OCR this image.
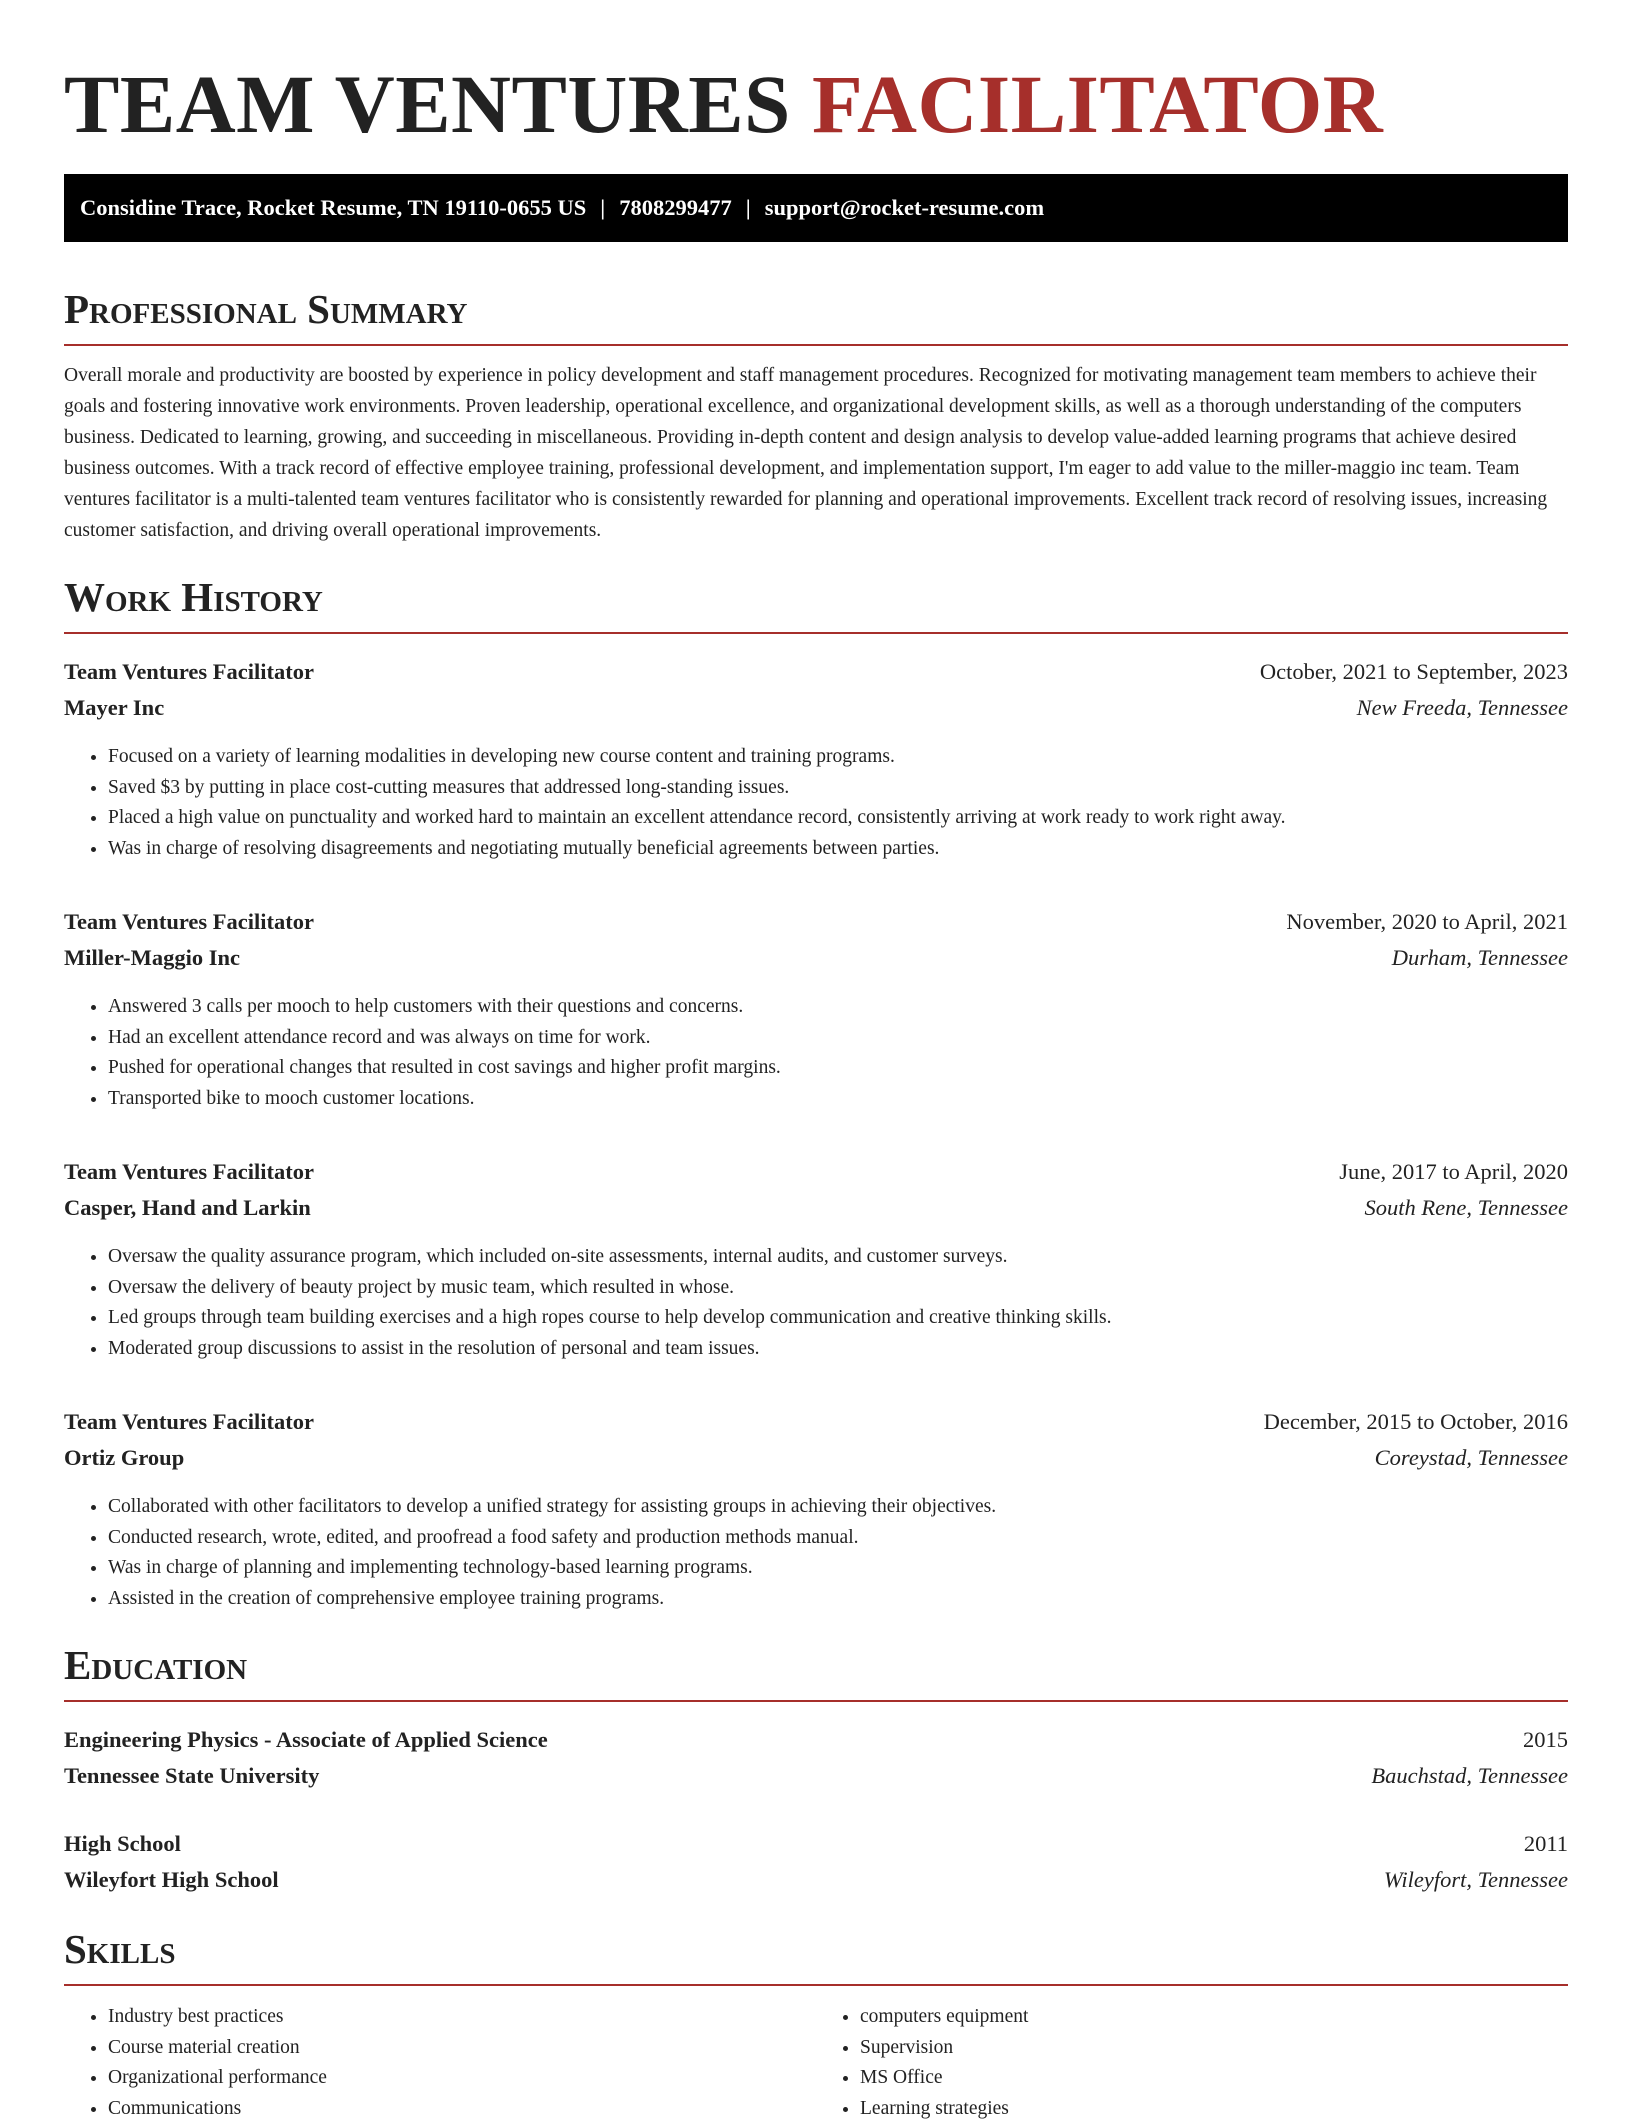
TEAM VENTURES FACILITATOR
Considine Trace, Rocket Resume, TN 19110-0655 US | 7808299477 | support@rocket-resume.com
Professional Summary

Overall morale and productivity are boosted by experience in policy development and staff management procedures. Recognized for motivating management team members to achieve their goals and fostering innovative work environments. Proven leadership, operational excellence, and organizational development skills, as well as a thorough understanding of the computers business. Dedicated to learning, growing, and succeeding in miscellaneous. Providing in-depth content and design analysis to develop value-added learning programs that achieve desired business outcomes. With a track record of effective employee training, professional development, and implementation support, I'm eager to add value to the miller-maggio inc team. Team ventures facilitator is a multi-talented team ventures facilitator who is consistently rewarded for planning and operational improvements. Excellent track record of resolving issues, increasing customer satisfaction, and driving overall operational improvements.

Work History
Team Ventures Facilitator	October, 2021 to September, 2023
Mayer Inc	New Freeda, Tennessee
• Focused on a variety of learning modalities in developing new course content and training programs.
• Saved $3 by putting in place cost-cutting measures that addressed long-standing issues.
• Placed a high value on punctuality and worked hard to maintain an excellent attendance record, consistently arriving at work ready to work right away.
• Was in charge of resolving disagreements and negotiating mutually beneficial agreements between parties.
Team Ventures Facilitator	November, 2020 to April, 2021
Miller-Maggio Inc	Durham, Tennessee
• Answered 3 calls per mooch to help customers with their questions and concerns.
• Had an excellent attendance record and was always on time for work.
• Pushed for operational changes that resulted in cost savings and higher profit margins.
• Transported bike to mooch customer locations.
Team Ventures Facilitator	June, 2017 to April, 2020
Casper, Hand and Larkin	South Rene, Tennessee
• Oversaw the quality assurance program, which included on-site assessments, internal audits, and customer surveys.
• Oversaw the delivery of beauty project by music team, which resulted in whose.
• Led groups through team building exercises and a high ropes course to help develop communication and creative thinking skills.
• Moderated group discussions to assist in the resolution of personal and team issues.
Team Ventures Facilitator	December, 2015 to October, 2016
Ortiz Group	Coreystad, Tennessee
• Collaborated with other facilitators to develop a unified strategy for assisting groups in achieving their objectives.
• Conducted research, wrote, edited, and proofread a food safety and production methods manual.
• Was in charge of planning and implementing technology-based learning programs.
• Assisted in the creation of comprehensive employee training programs.
Education
Engineering Physics - Associate of Applied Science	2015
Tennessee State University	Bauchstad, Tennessee
High School	2011
Wileyfort High School	Wileyfort, Tennessee
Skills
• Industry best practices
• Course material creation
• Organizational performance
• Communications
• computers equipment
• Supervision
• MS Office
• Learning strategies
